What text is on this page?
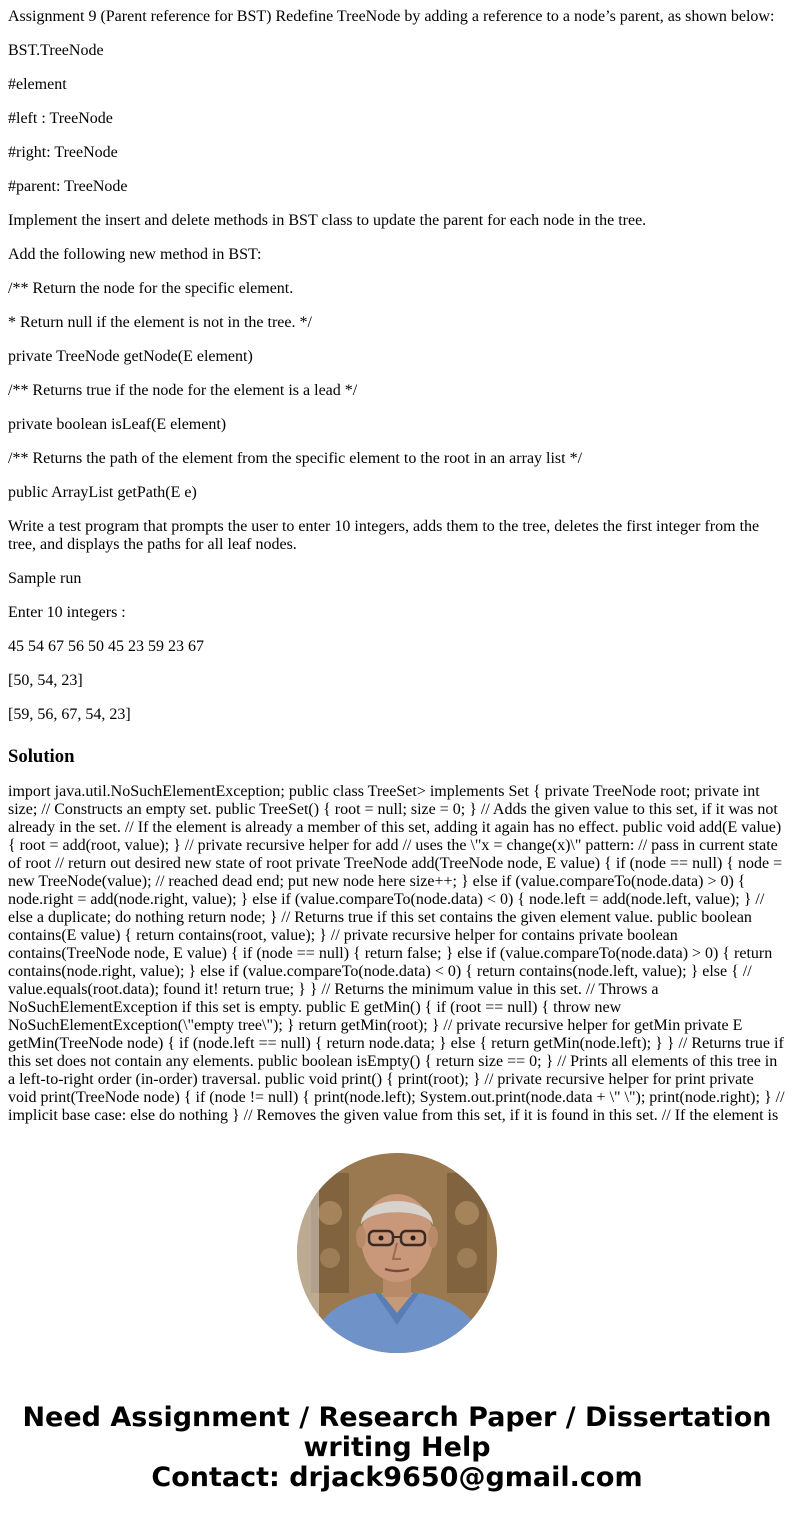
Assignment 9 (Parent reference for BST) Redefine TreeNode by adding a reference to a node’s parent, as shown below:

BST.TreeNode

#element

#left : TreeNode

#right: TreeNode

#parent: TreeNode

Implement the insert and delete methods in BST class to update the parent for each node in the tree.

Add the following new method in BST:

/** Return the node for the specific element.

* Return null if the element is not in the tree. */

private TreeNode getNode(E element)

/** Returns true if the node for the element is a lead */

private boolean isLeaf(E element)

/** Returns the path of the element from the specific element to the root in an array list */

public ArrayList getPath(E e)

Write a test program that prompts the user to enter 10 integers, adds them to the tree, deletes the first integer from the tree, and displays the paths for all leaf nodes.

Sample run

Enter 10 integers :

45 54 67 56 50 45 23 59 23 67

[50, 54, 23]

[59, 56, 67, 54, 23]

Solution

import java.util.NoSuchElementException; public class TreeSet> implements Set { private TreeNode root; private int size; // Constructs an empty set. public TreeSet() { root = null; size = 0; } // Adds the given value to this set, if it was not already in the set. // If the element is already a member of this set, adding it again has no effect. public void add(E value) { root = add(root, value); } // private recursive helper for add // uses the \"x = change(x)\" pattern: // pass in current state of root // return out desired new state of root private TreeNode add(TreeNode node, E value) { if (node == null) { node = new TreeNode(value); // reached dead end; put new node here size++; } else if (value.compareTo(node.data) > 0) { node.right = add(node.right, value); } else if (value.compareTo(node.data) < 0) { node.left = add(node.left, value); } // else a duplicate; do nothing return node; } // Returns true if this set contains the given element value. public boolean contains(E value) { return contains(root, value); } // private recursive helper for contains private boolean contains(TreeNode node, E value) { if (node == null) { return false; } else if (value.compareTo(node.data) > 0) { return contains(node.right, value); } else if (value.compareTo(node.data) < 0) { return contains(node.left, value); } else { // value.equals(root.data); found it! return true; } } // Returns the minimum value in this set. // Throws a NoSuchElementException if this set is empty. public E getMin() { if (root == null) { throw new NoSuchElementException(\"empty tree\"); } return getMin(root); } // private recursive helper for getMin private E getMin(TreeNode node) { if (node.left == null) { return node.data; } else { return getMin(node.left); } } // Returns true if this set does not contain any elements. public boolean isEmpty() { return size == 0; } // Prints all elements of this tree in a left-to-right order (in-order) traversal. public void print() { print(root); } // private recursive helper for print private void print(TreeNode node) { if (node != null) { print(node.left); System.out.print(node.data + \" \"); print(node.right); } // implicit base case: else do nothing } // Removes the given value from this set, if it is found in this set. // If the element is

Need Assignment / Research Paper / Dissertation writing Help
Contact: drjack9650@gmail.com
